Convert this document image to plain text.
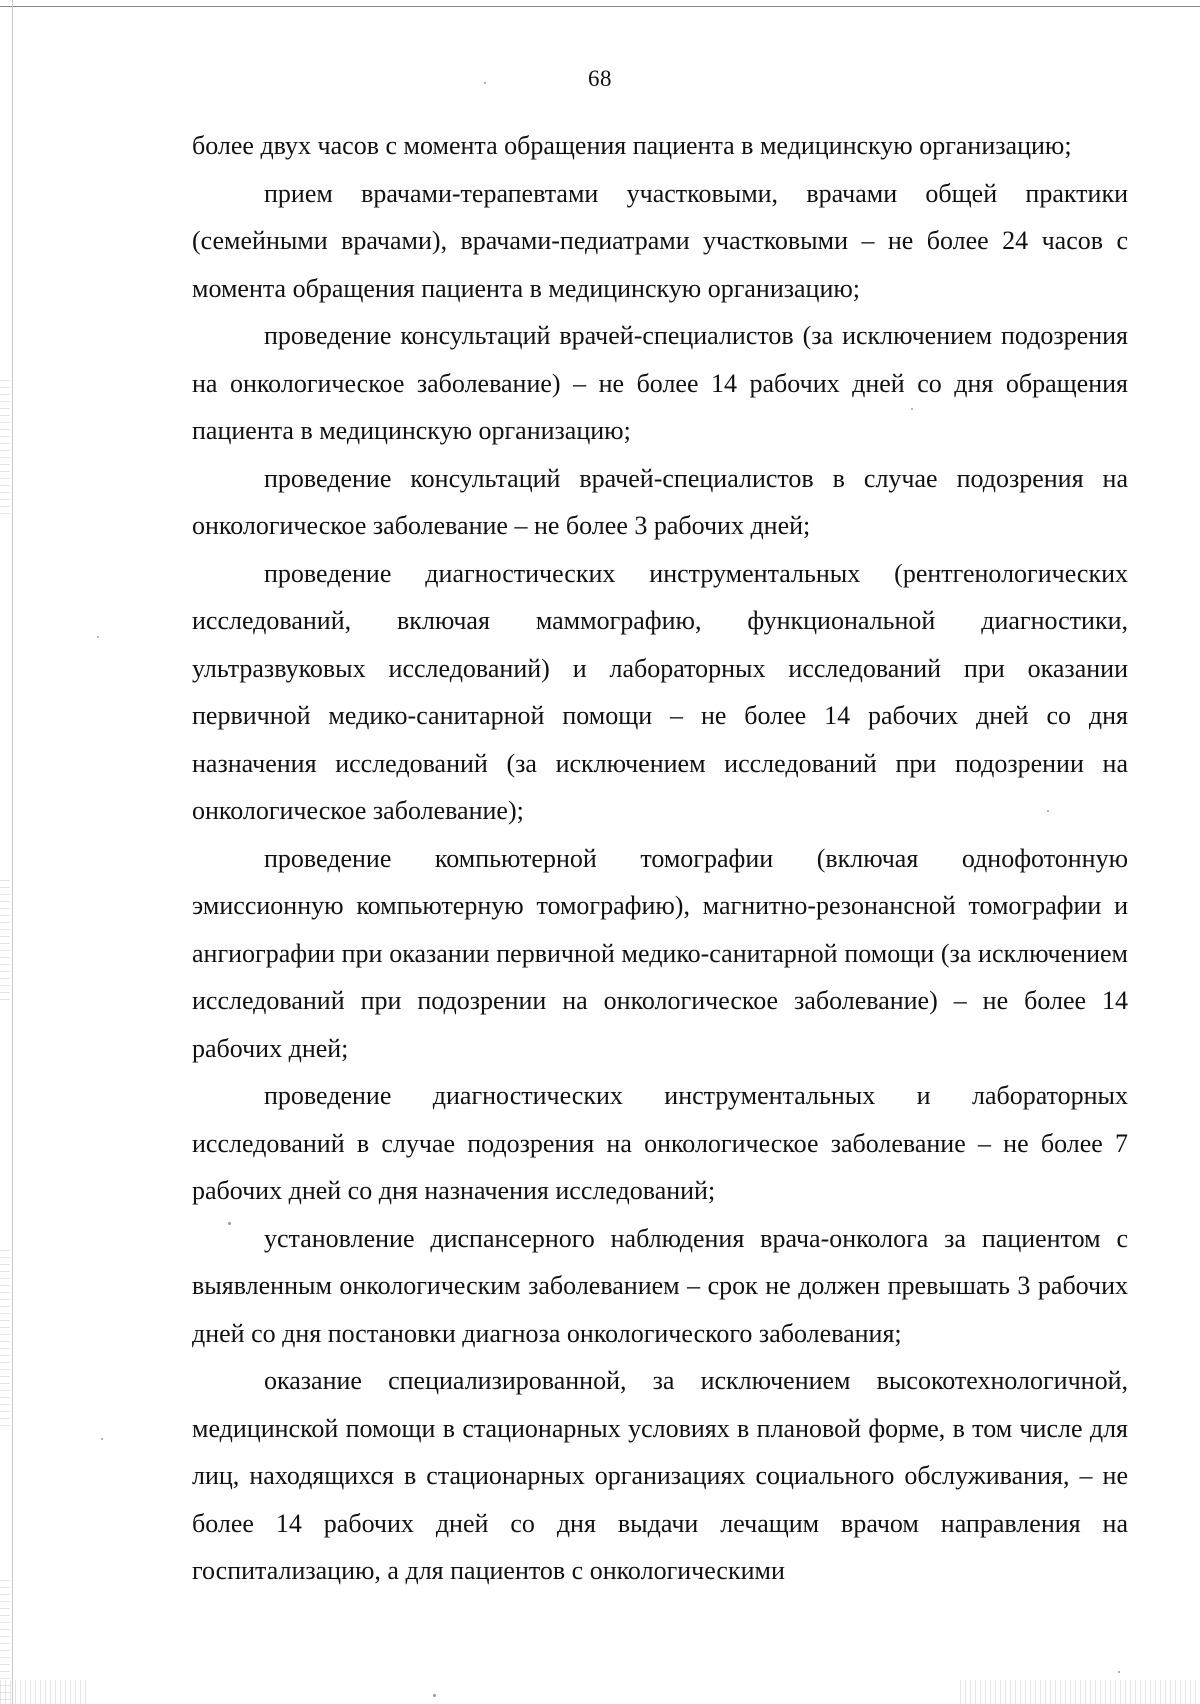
68

более двух часов с момента обращения пациента в медицинскую организацию;

прием врачами-терапевтами участковыми, врачами общей практики (семейными врачами), врачами-педиатрами участковыми – не более 24 часов с момента обращения пациента в медицинскую организацию;

проведение консультаций врачей-специалистов (за исключением подозрения на онкологическое заболевание) – не более 14 рабочих дней со дня обращения пациента в медицинскую организацию;

проведение консультаций врачей-специалистов в случае подозрения на онкологическое заболевание – не более 3 рабочих дней;

проведение диагностических инструментальных (рентгенологических исследований, включая маммографию, функциональной диагностики, ультразвуковых исследований) и лабораторных исследований при оказании первичной медико-санитарной помощи – не более 14 рабочих дней со дня назначения исследований (за исключением исследований при подозрении на онкологическое заболевание);

проведение компьютерной томографии (включая однофотонную эмиссионную компьютерную томографию), магнитно-резонансной томографии и ангиографии при оказании первичной медико-санитарной помощи (за исключением исследований при подозрении на онкологическое заболевание) – не более 14 рабочих дней;

проведение диагностических инструментальных и лабораторных исследований в случае подозрения на онкологическое заболевание – не более 7 рабочих дней со дня назначения исследований;

установление диспансерного наблюдения врача-онколога за пациентом с выявленным онкологическим заболеванием – срок не должен превышать 3 рабочих дней со дня постановки диагноза онкологического заболевания;

оказание специализированной, за исключением высокотехнологичной, медицинской помощи в стационарных условиях в плановой форме, в том числе для лиц, находящихся в стационарных организациях социального обслуживания, – не более 14 рабочих дней со дня выдачи лечащим врачом направления на госпитализацию, а для пациентов с онкологическими
